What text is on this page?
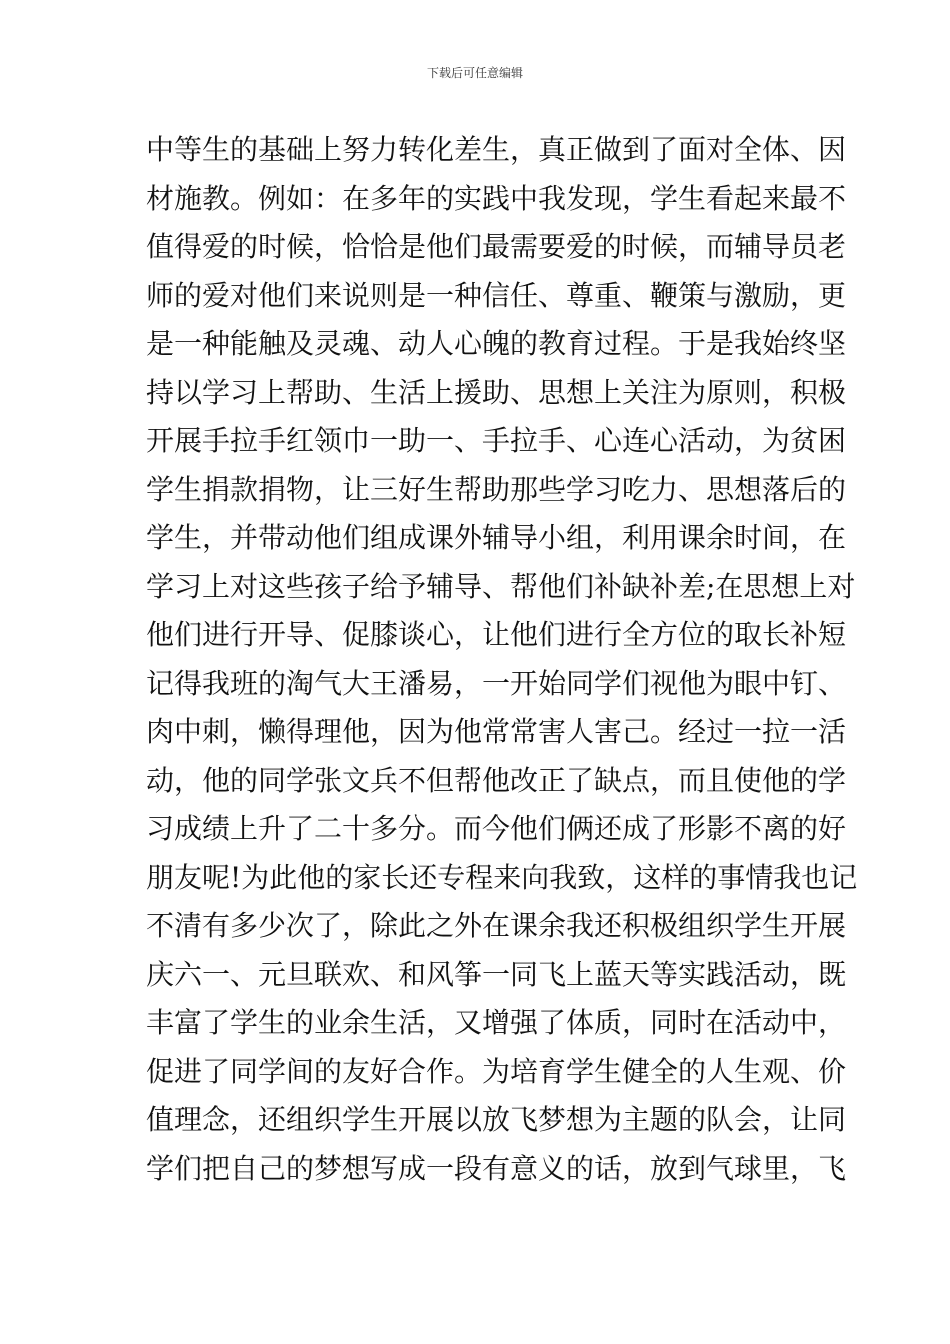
下载后可任意编辑
中等生的基础上努力转化差生，真正做到了面对全体、因
材施教。例如：在多年的实践中我发现，学生看起来最不
值得爱的时候，恰恰是他们最需要爱的时候，而辅导员老
师的爱对他们来说则是一种信任、尊重、鞭策与激励，更
是一种能触及灵魂、动人心魄的教育过程。于是我始终坚
持以学习上帮助、生活上援助、思想上关注为原则，积极
开展手拉手红领巾一助一、手拉手、心连心活动，为贫困
学生捐款捐物，让三好生帮助那些学习吃力、思想落后的
学生，并带动他们组成课外辅导小组，利用课余时间，在
学习上对这些孩子给予辅导、帮他们补缺补差;在思想上对
他们进行开导、促膝谈心，让他们进行全方位的取长补短
记得我班的淘气大王潘易，一开始同学们视他为眼中钉、
肉中刺，懒得理他，因为他常常害人害己。经过一拉一活
动，他的同学张文兵不但帮他改正了缺点，而且使他的学
习成绩上升了二十多分。而今他们俩还成了形影不离的好
朋友呢!为此他的家长还专程来向我致，这样的事情我也记
不清有多少次了，除此之外在课余我还积极组织学生开展
庆六一、元旦联欢、和风筝一同飞上蓝天等实践活动，既
丰富了学生的业余生活，又增强了体质，同时在活动中，
促进了同学间的友好合作。为培育学生健全的人生观、价
值理念，还组织学生开展以放飞梦想为主题的队会，让同
学们把自己的梦想写成一段有意义的话，放到气球里，飞
